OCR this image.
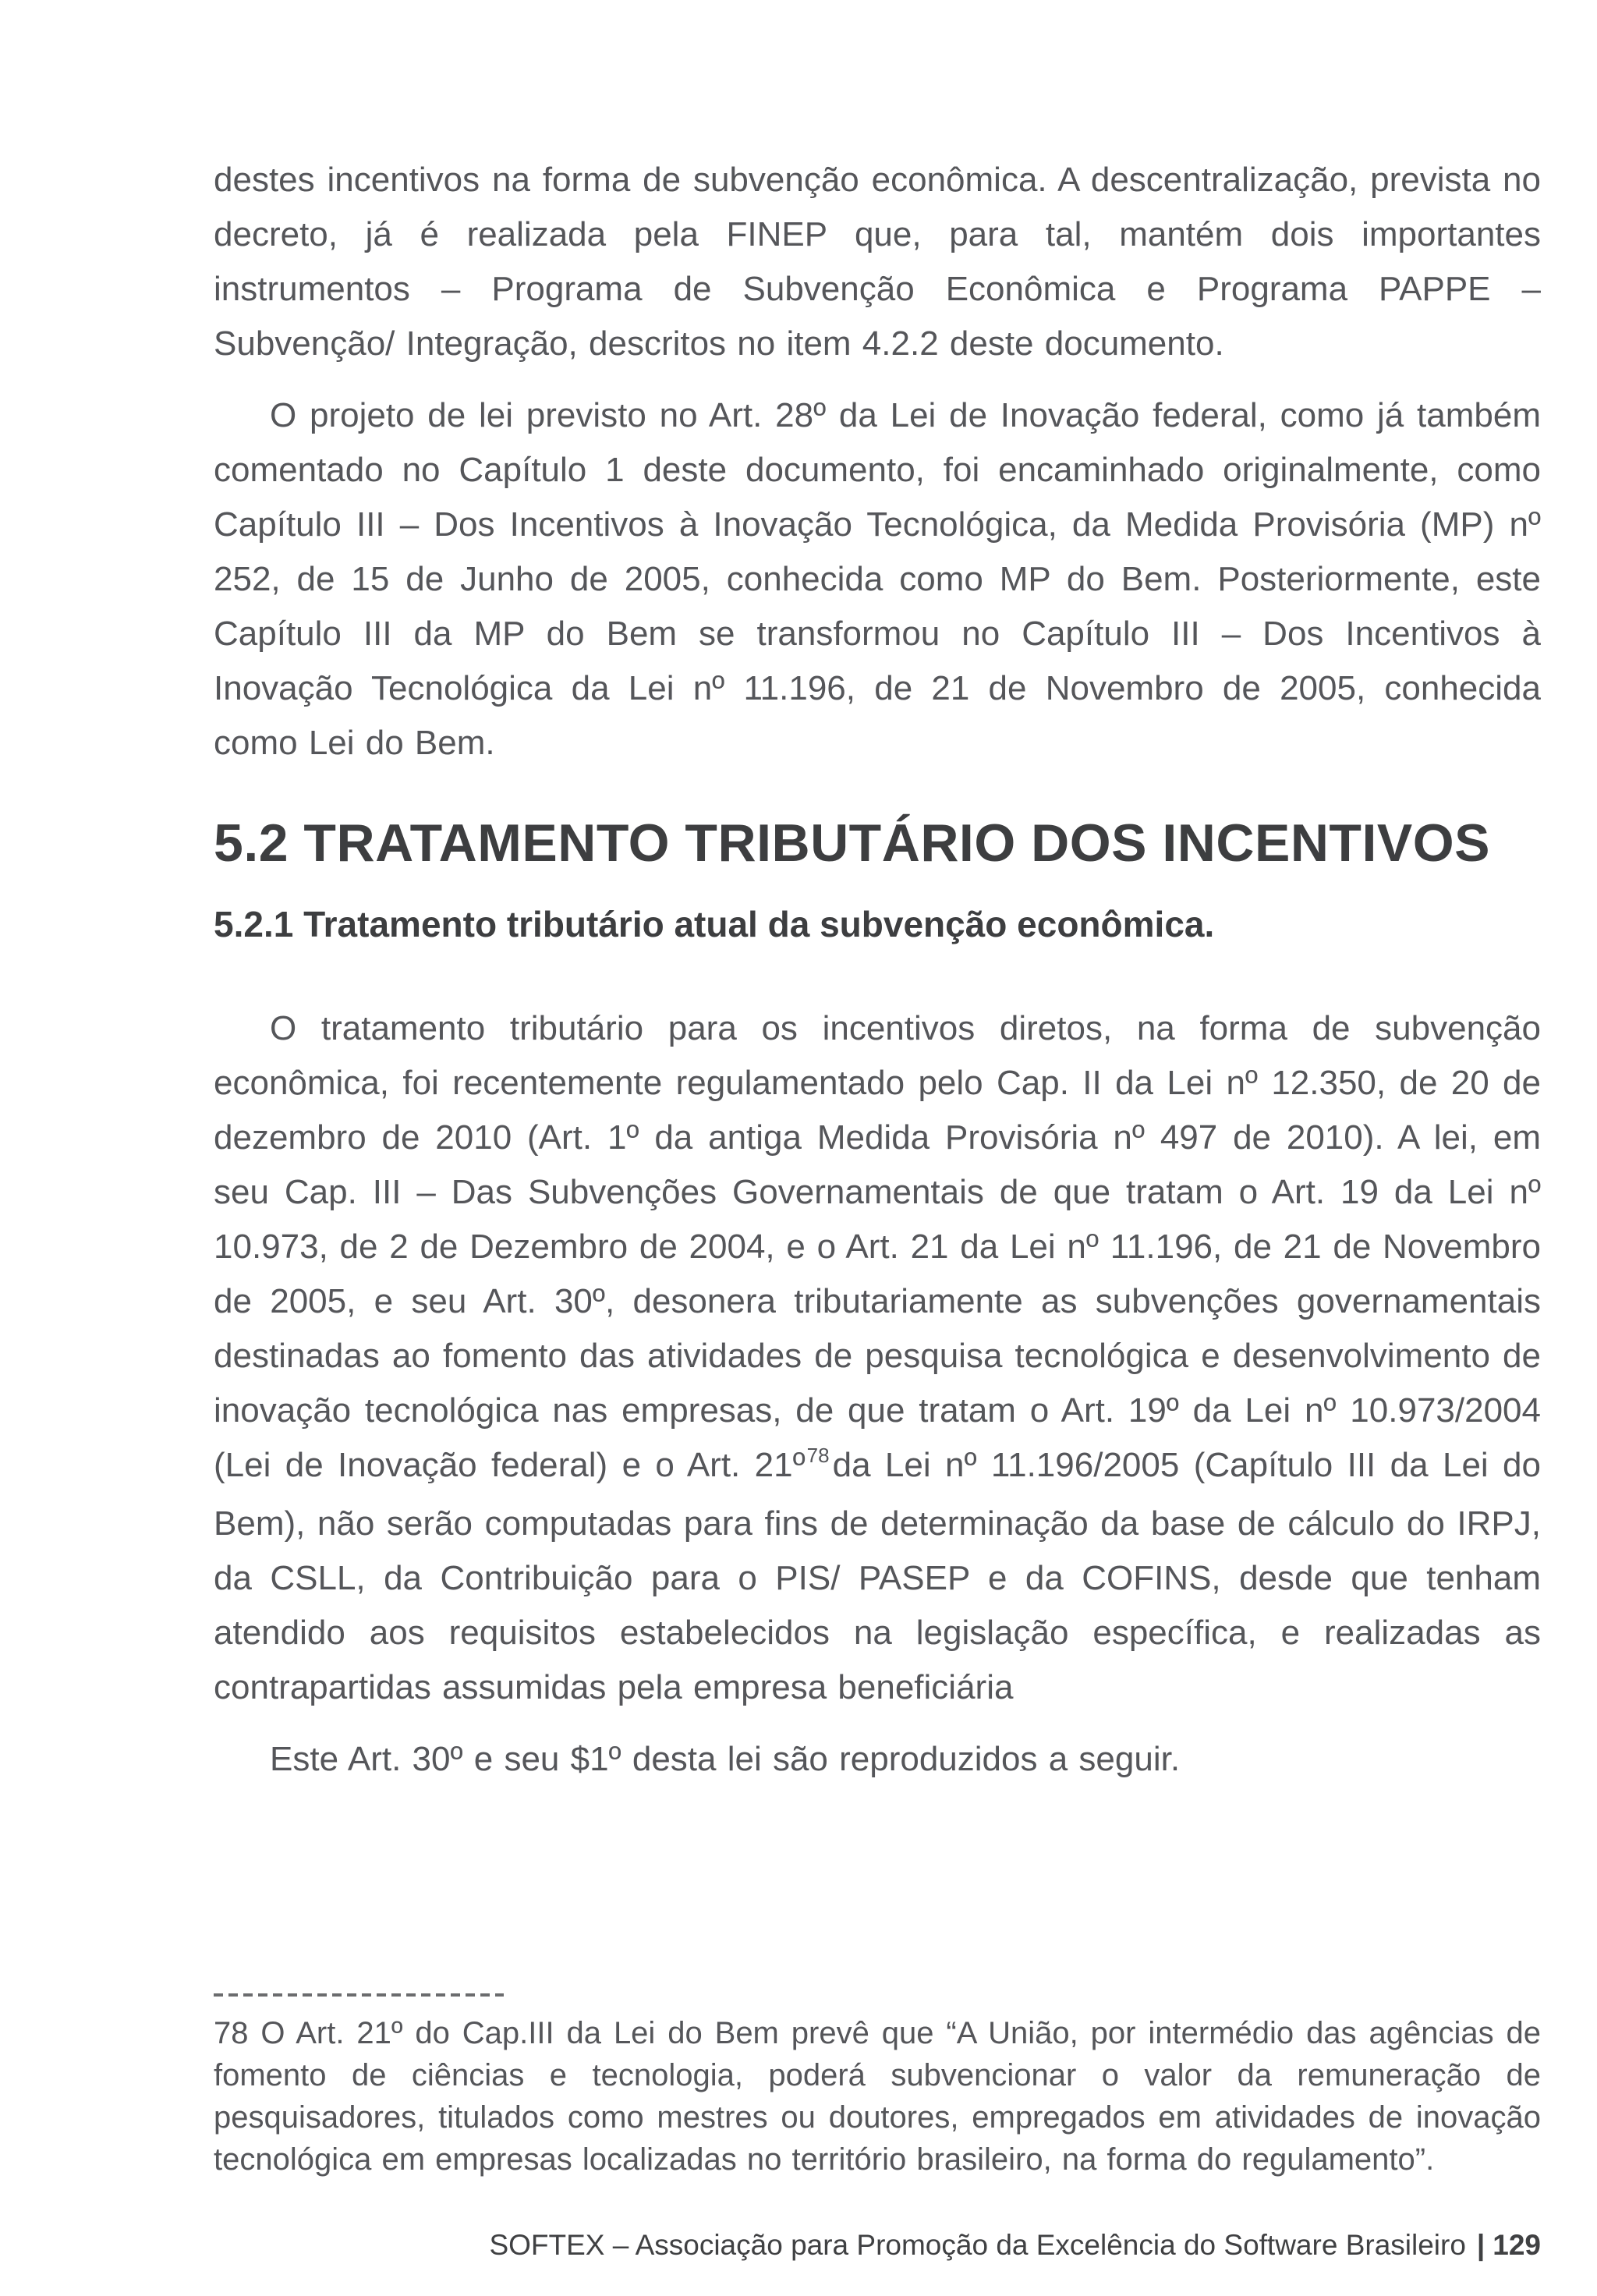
destes incentivos na forma de subvenção econômica. A descentralização, prevista no decreto, já é realizada pela FINEP que, para tal, mantém dois importantes instrumentos – Programa de Subvenção Econômica e Programa PAPPE – Subvenção/ Integração, descritos no item 4.2.2 deste documento.

O projeto de lei previsto no Art. 28º da Lei de Inovação federal, como já também comentado no Capítulo 1 deste documento, foi encaminhado originalmente, como Capítulo III – Dos Incentivos à Inovação Tecnológica, da Medida Provisória (MP) nº 252, de 15 de Junho de 2005, conhecida como MP do Bem. Posteriormente, este Capítulo III da MP do Bem se transformou no Capítulo III – Dos Incentivos à Inovação Tecnológica da Lei nº 11.196, de 21 de Novembro de 2005, conhecida como Lei do Bem.

5.2 TRATAMENTO TRIBUTÁRIO DOS INCENTIVOS
5.2.1 Tratamento tributário atual da subvenção econômica.

O tratamento tributário para os incentivos diretos, na forma de subvenção econômica, foi recentemente regulamentado pelo Cap. II da Lei nº 12.350, de 20 de dezembro de 2010 (Art. 1º da antiga Medida Provisória nº 497 de 2010). A lei, em seu Cap. III – Das Subvenções Governamentais de que tratam o Art. 19 da Lei nº 10.973, de 2 de Dezembro de 2004, e o Art. 21 da Lei nº 11.196, de 21 de Novembro de 2005, e seu Art. 30º, desonera tributariamente as subvenções governamentais destinadas ao fomento das atividades de pesquisa tecnológica e desenvolvimento de inovação tecnológica nas empresas, de que tratam o Art. 19º da Lei nº 10.973/2004 (Lei de Inovação federal) e o Art. 21º$^{78}$da Lei nº 11.196/2005 (Capítulo III da Lei do Bem), não serão computadas para fins de determinação da base de cálculo do IRPJ, da CSLL, da Contribuição para o PIS/ PASEP e da COFINS, desde que tenham atendido aos requisitos estabelecidos na legislação específica, e realizadas as contrapartidas assumidas pela empresa beneficiária

Este Art. 30º e seu $1º desta lei são reproduzidos a seguir.

78 O Art. 21º do Cap.III da Lei do Bem prevê que “A União, por intermédio das agências de fomento de ciências e tecnologia, poderá subvencionar o valor da remuneração de pesquisadores, titulados como mestres ou doutores, empregados em atividades de inovação tecnológica em empresas localizadas no território brasileiro, na forma do regulamento”.

SOFTEX – Associação para Promoção da Excelência do Software Brasileiro | 129
